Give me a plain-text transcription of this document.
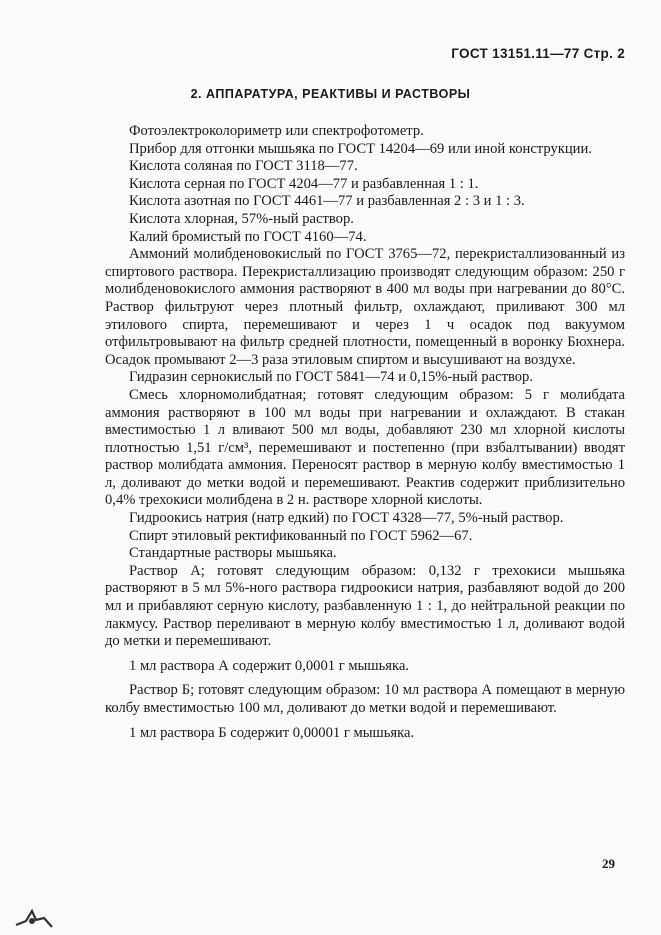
ГОСТ 13151.11—77 Стр. 2
2. АППАРАТУРА, РЕАКТИВЫ И РАСТВОРЫ

Фотоэлектроколориметр или спектрофотометр.

Прибор для отгонки мышьяка по ГОСТ 14204—69 или иной конструкции.

Кислота соляная по ГОСТ 3118—77.

Кислота серная по ГОСТ 4204—77 и разбавленная 1 : 1.

Кислота азотная по ГОСТ 4461—77 и разбавленная 2 : 3 и 1 : 3.

Кислота хлорная, 57%-ный раствор.

Калий бромистый по ГОСТ 4160—74.

Аммоний молибденовокислый по ГОСТ 3765—72, перекристаллизованный из спиртового раствора. Перекристаллизацию производят следующим образом: 250 г молибденовокислого аммония растворяют в 400 мл воды при нагревании до 80°С. Раствор фильтруют через плотный фильтр, охлаждают, приливают 300 мл этилового спирта, перемешивают и через 1 ч осадок под вакуумом отфильтровывают на фильтр средней плотности, помещенный в воронку Бюхнера. Осадок промывают 2—3 раза этиловым спиртом и высушивают на воздухе.

Гидразин сернокислый по ГОСТ 5841—74 и 0,15%-ный раствор.

Смесь хлорномолибдатная; готовят следующим образом: 5 г молибдата аммония растворяют в 100 мл воды при нагревании и охлаждают. В стакан вместимостью 1 л вливают 500 мл воды, добавляют 230 мл хлорной кислоты плотностью 1,51 г/см³, перемешивают и постепенно (при взбалтывании) вводят раствор молибдата аммония. Переносят раствор в мерную колбу вместимостью 1 л, доливают до метки водой и перемешивают. Реактив содержит приблизительно 0,4% трехокиси молибдена в 2 н. растворе хлорной кислоты.

Гидроокись натрия (натр едкий) по ГОСТ 4328—77, 5%-ный раствор.

Спирт этиловый ректификованный по ГОСТ 5962—67.

Стандартные растворы мышьяка.

Раствор А; готовят следующим образом: 0,132 г трехокиси мышьяка растворяют в 5 мл 5%-ного раствора гидроокиси натрия, разбавляют водой до 200 мл и прибавляют серную кислоту, разбавленную 1 : 1, до нейтральной реакции по лакмусу. Раствор переливают в мерную колбу вместимостью 1 л, доливают водой до метки и перемешивают.

1 мл раствора А содержит 0,0001 г мышьяка.

Раствор Б; готовят следующим образом: 10 мл раствора А помещают в мерную колбу вместимостью 100 мл, доливают до метки водой и перемешивают.

1 мл раствора Б содержит 0,00001 г мышьяка.

29
